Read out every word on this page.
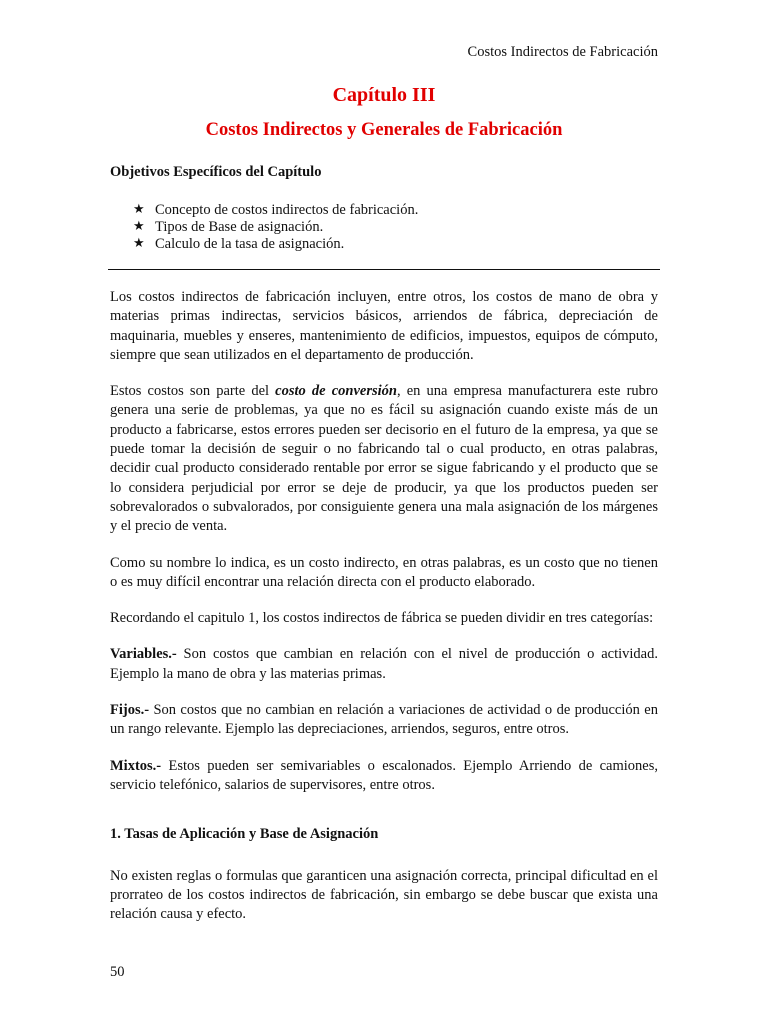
Costos Indirectos de Fabricación
Capítulo III
Costos Indirectos y Generales de Fabricación
Objetivos Específicos del Capítulo
★ Concepto de costos indirectos de fabricación.
★ Tipos de Base de asignación.
★ Calculo de la tasa de asignación.

Los costos indirectos de fabricación incluyen, entre otros, los costos de mano de obra y materias primas indirectas, servicios básicos, arriendos de fábrica, depreciación de maquinaria, muebles y enseres, mantenimiento de edificios, impuestos, equipos de cómputo, siempre que sean utilizados en el departamento de producción.

Estos costos son parte del costo de conversión, en una empresa manufacturera este rubro genera una serie de problemas, ya que no es fácil su asignación cuando existe más de un producto a fabricarse, estos errores pueden ser decisorio en el futuro de la empresa, ya que se puede tomar la decisión de seguir o no fabricando tal o cual producto, en otras palabras, decidir cual producto considerado rentable por error se sigue fabricando y el producto que se lo considera perjudicial por error se deje de producir, ya que los productos pueden ser sobrevalorados o subvalorados, por consiguiente genera una mala asignación de los márgenes y el precio de venta.

Como su nombre lo indica, es un costo indirecto, en otras palabras, es un costo que no tienen o es muy difícil encontrar una relación directa con el producto elaborado.

Recordando el capitulo 1, los costos indirectos de fábrica se pueden dividir en tres categorías:

Variables.- Son costos que cambian en relación con el nivel de producción o actividad. Ejemplo la mano de obra y las materias primas.

Fijos.- Son costos que no cambian en relación a variaciones de actividad o de producción en un rango relevante. Ejemplo las depreciaciones, arriendos, seguros, entre otros.

Mixtos.- Estos pueden ser semivariables o escalonados. Ejemplo Arriendo de camiones, servicio telefónico, salarios de supervisores, entre otros.

1. Tasas de Aplicación y Base de Asignación

No existen reglas o formulas que garanticen una asignación correcta, principal dificultad en el prorrateo de los costos indirectos de fabricación, sin embargo se debe buscar que exista una relación causa y efecto.

50
